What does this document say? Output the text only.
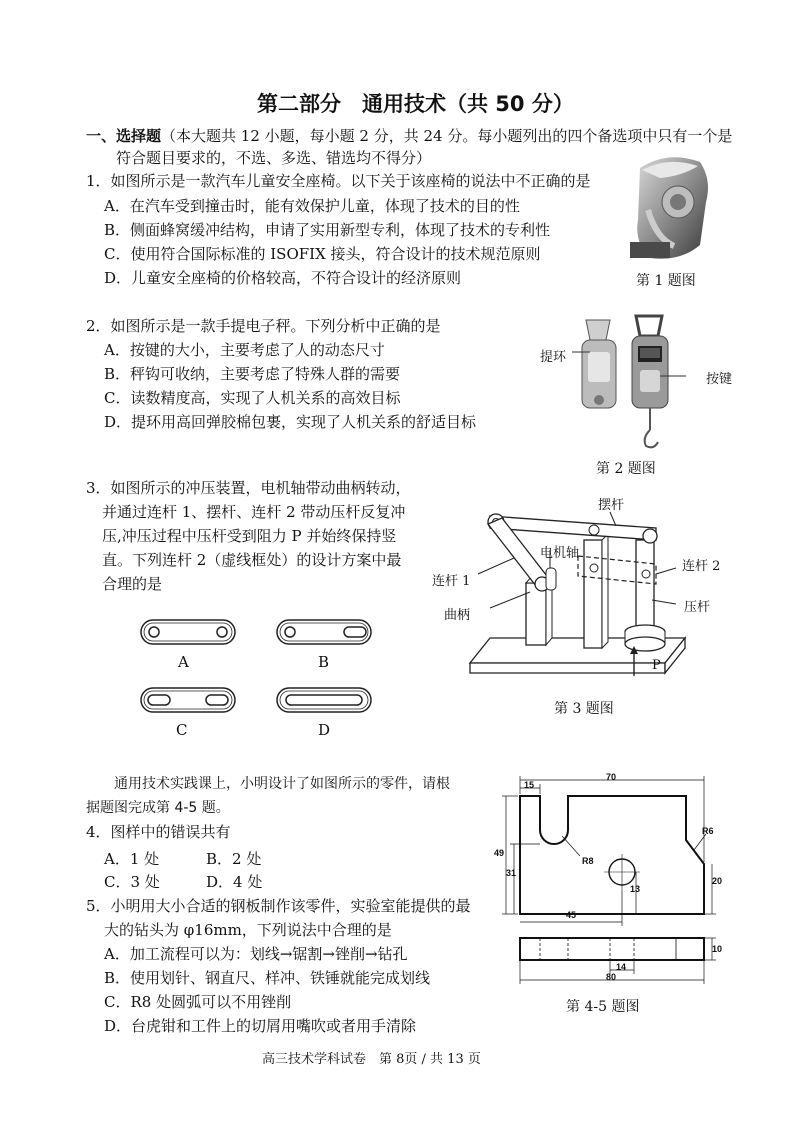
第二部分　通用技术（共 50 分）
一、选择题（本大题共 12 小题，每小题 2 分，共 24 分。每小题列出的四个备选项中只有一个是
符合题目要求的，不选、多选、错选均不得分）
1．如图所示是一款汽车儿童安全座椅。以下关于该座椅的说法中不正确的是
A．在汽车受到撞击时，能有效保护儿童，体现了技术的目的性
B．侧面蜂窝缓冲结构，申请了实用新型专利，体现了技术的专利性
C．使用符合国际标准的 ISOFIX 接头，符合设计的技术规范原则
D．儿童安全座椅的价格较高，不符合设计的经济原则	第 1 题图
2．如图所示是一款手提电子秤。下列分析中正确的是
A．按键的大小，主要考虑了人的动态尺寸
B．秤钩可收纳，主要考虑了特殊人群的需要
C．读数精度高，实现了人机关系的高效目标
D．提环用高回弹胶棉包裹，实现了人机关系的舒适目标
提环
按键
第 2 题图
3．如图所示的冲压装置，电机轴带动曲柄转动，
并通过连杆 1、摆杆、连杆 2 带动压杆反复冲
压,冲压过程中压杆受到阻力 P 并始终保持竖
直。下列连杆 2（虚线框处）的设计方案中最
合理的是
A	B
C	D
摆杆
电机轴
连杆 2
连杆 1
压杆
曲柄
P
第 3 题图
通用技术实践课上，小明设计了如图所示的零件，请根
据题图完成第 4-5 题。
4．图样中的错误共有
A．1 处	B．2 处
C．3 处	D．4 处
5．小明用大小合适的钢板制作该零件，实验室能提供的最
大的钻头为 φ16mm，下列说法中合理的是
A．加工流程可以为：划线→锯割→锉削→钻孔
B．使用划针、钢直尺、样冲、铁锤就能完成划线
C．R8 处圆弧可以不用锉削
D．台虎钳和工件上的切屑用嘴吹或者用手清除
70
15
49
31
R8
R6
13
20
45
10
14
80
第 4-5 题图
高三技术学科试卷　第 8页 / 共 13 页
